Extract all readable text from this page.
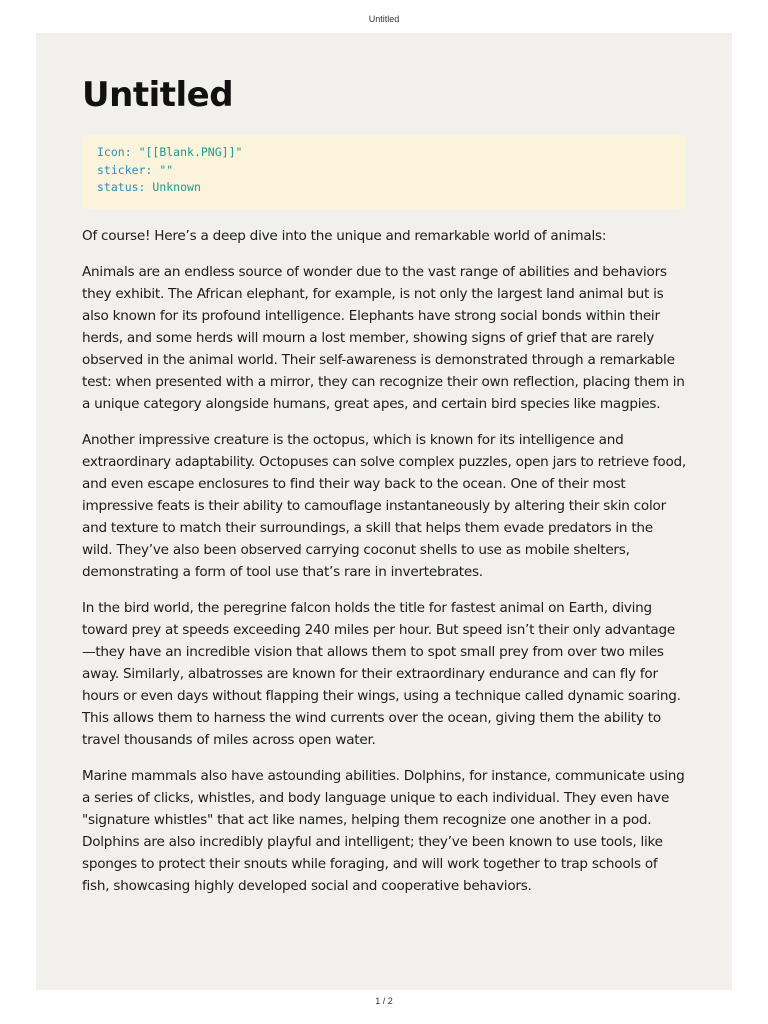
Untitled
Untitled
Icon: "[[Blank.PNG]]"
sticker: ""
status: Unknown

Of course! Here’s a deep dive into the unique and remarkable world of animals:

Animals are an endless source of wonder due to the vast range of abilities and behaviors they exhibit. The African elephant, for example, is not only the largest land animal but is also known for its profound intelligence. Elephants have strong social bonds within their herds, and some herds will mourn a lost member, showing signs of grief that are rarely observed in the animal world. Their self-awareness is demonstrated through a remarkable test: when presented with a mirror, they can recognize their own reflection, placing them in a unique category alongside humans, great apes, and certain bird species like magpies.

Another impressive creature is the octopus, which is known for its intelligence and extraordinary adaptability. Octopuses can solve complex puzzles, open jars to retrieve food, and even escape enclosures to find their way back to the ocean. One of their most impressive feats is their ability to camouflage instantaneously by altering their skin color and texture to match their surroundings, a skill that helps them evade predators in the wild. They’ve also been observed carrying coconut shells to use as mobile shelters, demonstrating a form of tool use that’s rare in invertebrates.

In the bird world, the peregrine falcon holds the title for fastest animal on Earth, diving toward prey at speeds exceeding 240 miles per hour. But speed isn’t their only advantage—they have an incredible vision that allows them to spot small prey from over two miles away. Similarly, albatrosses are known for their extraordinary endurance and can fly for hours or even days without flapping their wings, using a technique called dynamic soaring. This allows them to harness the wind currents over the ocean, giving them the ability to travel thousands of miles across open water.

Marine mammals also have astounding abilities. Dolphins, for instance, communicate using a series of clicks, whistles, and body language unique to each individual. They even have "signature whistles" that act like names, helping them recognize one another in a pod. Dolphins are also incredibly playful and intelligent; they’ve been known to use tools, like sponges to protect their snouts while foraging, and will work together to trap schools of fish, showcasing highly developed social and cooperative behaviors.

1 / 2
